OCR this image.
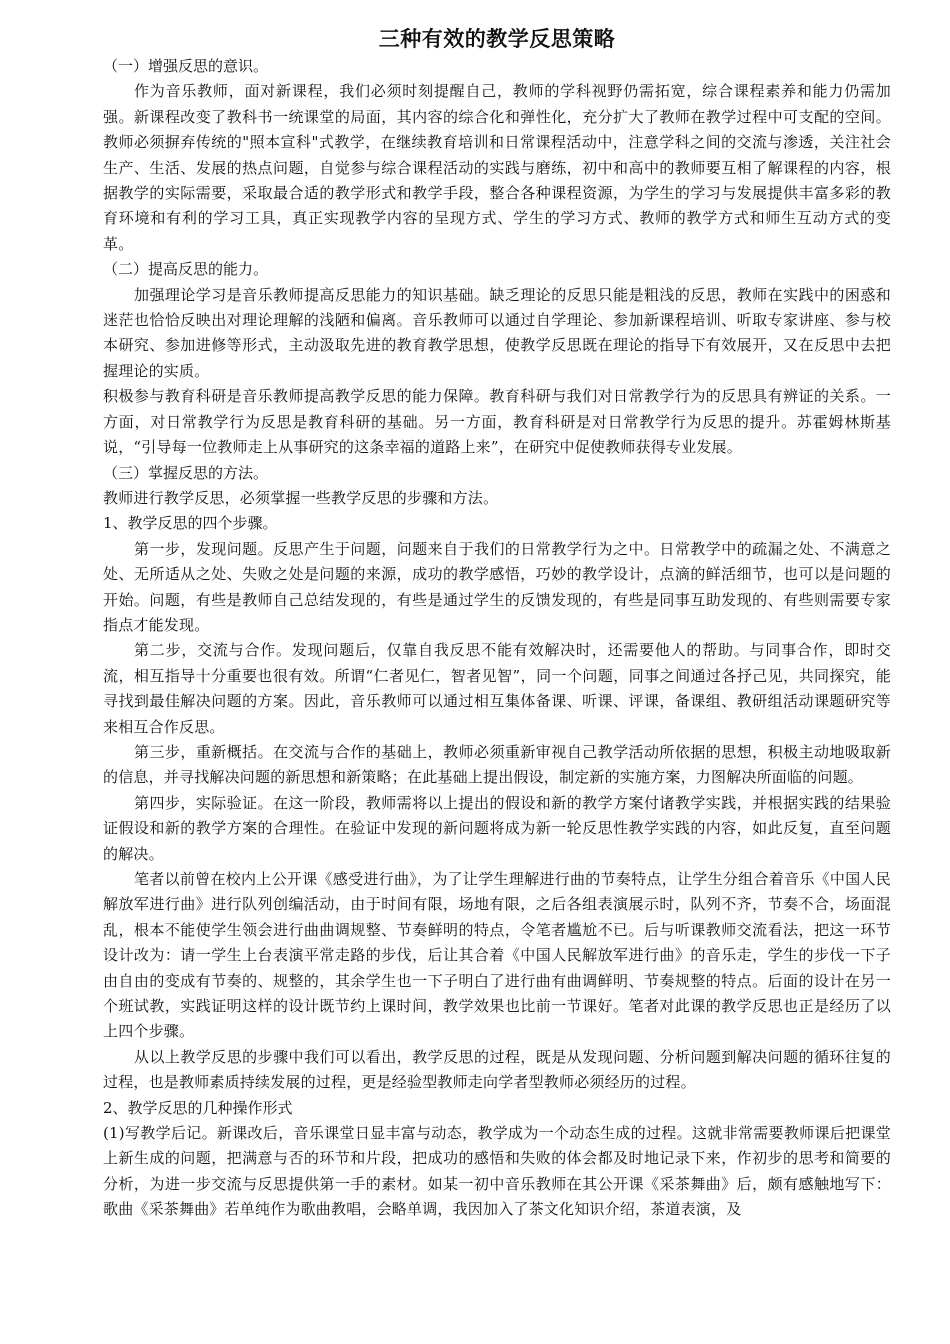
三种有效的教学反思策略

（一）增强反思的意识。

作为音乐教师，面对新课程，我们必须时刻提醒自己，教师的学科视野仍需拓宽，综合课程素养和能力仍需加强。新课程改变了教科书一统课堂的局面，其内容的综合化和弹性化，充分扩大了教师在教学过程中可支配的空间。教师必须摒弃传统的"照本宣科"式教学，在继续教育培训和日常课程活动中，注意学科之间的交流与渗透，关注社会生产、生活、发展的热点问题，自觉参与综合课程活动的实践与磨练，初中和高中的教师要互相了解课程的内容，根据教学的实际需要，采取最合适的教学形式和教学手段，整合各种课程资源，为学生的学习与发展提供丰富多彩的教育环境和有利的学习工具，真正实现教学内容的呈现方式、学生的学习方式、教师的教学方式和师生互动方式的变革。

（二）提高反思的能力。

加强理论学习是音乐教师提高反思能力的知识基础。缺乏理论的反思只能是粗浅的反思，教师在实践中的困惑和迷茫也恰恰反映出对理论理解的浅陋和偏离。音乐教师可以通过自学理论、参加新课程培训、听取专家讲座、参与校本研究、参加进修等形式，主动汲取先进的教育教学思想，使教学反思既在理论的指导下有效展开，又在反思中去把握理论的实质。

积极参与教育科研是音乐教师提高教学反思的能力保障。教育科研与我们对日常教学行为的反思具有辨证的关系。一方面，对日常教学行为反思是教育科研的基础。另一方面，教育科研是对日常教学行为反思的提升。苏霍姆林斯基说，“引导每一位教师走上从事研究的这条幸福的道路上来”，在研究中促使教师获得专业发展。

（三）掌握反思的方法。

教师进行教学反思，必须掌握一些教学反思的步骤和方法。

1、教学反思的四个步骤。

第一步，发现问题。反思产生于问题，问题来自于我们的日常教学行为之中。日常教学中的疏漏之处、不满意之处、无所适从之处、失败之处是问题的来源，成功的教学感悟，巧妙的教学设计，点滴的鲜活细节，也可以是问题的开始。问题，有些是教师自己总结发现的，有些是通过学生的反馈发现的，有些是同事互助发现的、有些则需要专家指点才能发现。

第二步，交流与合作。发现问题后，仅靠自我反思不能有效解决时，还需要他人的帮助。与同事合作，即时交流，相互指导十分重要也很有效。所谓“仁者见仁，智者见智”，同一个问题，同事之间通过各抒己见，共同探究，能寻找到最佳解决问题的方案。因此，音乐教师可以通过相互集体备课、听课、评课，备课组、教研组活动课题研究等来相互合作反思。

第三步，重新概括。在交流与合作的基础上，教师必须重新审视自己教学活动所依据的思想，积极主动地吸取新的信息，并寻找解决问题的新思想和新策略；在此基础上提出假设，制定新的实施方案，力图解决所面临的问题。

第四步，实际验证。在这一阶段，教师需将以上提出的假设和新的教学方案付诸教学实践，并根据实践的结果验证假设和新的教学方案的合理性。在验证中发现的新问题将成为新一轮反思性教学实践的内容，如此反复，直至问题的解决。

笔者以前曾在校内上公开课《感受进行曲》，为了让学生理解进行曲的节奏特点，让学生分组合着音乐《中国人民解放军进行曲》进行队列创编活动，由于时间有限，场地有限，之后各组表演展示时，队列不齐，节奏不合，场面混乱，根本不能使学生领会进行曲曲调规整、节奏鲜明的特点，令笔者尴尬不已。后与听课教师交流看法，把这一环节设计改为：请一学生上台表演平常走路的步伐，后让其合着《中国人民解放军进行曲》的音乐走，学生的步伐一下子由自由的变成有节奏的、规整的，其余学生也一下子明白了进行曲有曲调鲜明、节奏规整的特点。后面的设计在另一个班试教，实践证明这样的设计既节约上课时间，教学效果也比前一节课好。笔者对此课的教学反思也正是经历了以上四个步骤。

从以上教学反思的步骤中我们可以看出，教学反思的过程，既是从发现问题、分析问题到解决问题的循环往复的过程，也是教师素质持续发展的过程，更是经验型教师走向学者型教师必须经历的过程。

2、教学反思的几种操作形式

(1)写教学后记。新课改后，音乐课堂日显丰富与动态，教学成为一个动态生成的过程。这就非常需要教师课后把课堂上新生成的问题，把满意与否的环节和片段，把成功的感悟和失败的体会都及时地记录下来，作初步的思考和简要的分析，为进一步交流与反思提供第一手的素材。如某一初中音乐教师在其公开课《采茶舞曲》后，颇有感触地写下：歌曲《采茶舞曲》若单纯作为歌曲教唱，会略单调，我因加入了茶文化知识介绍，茶道表演，及
